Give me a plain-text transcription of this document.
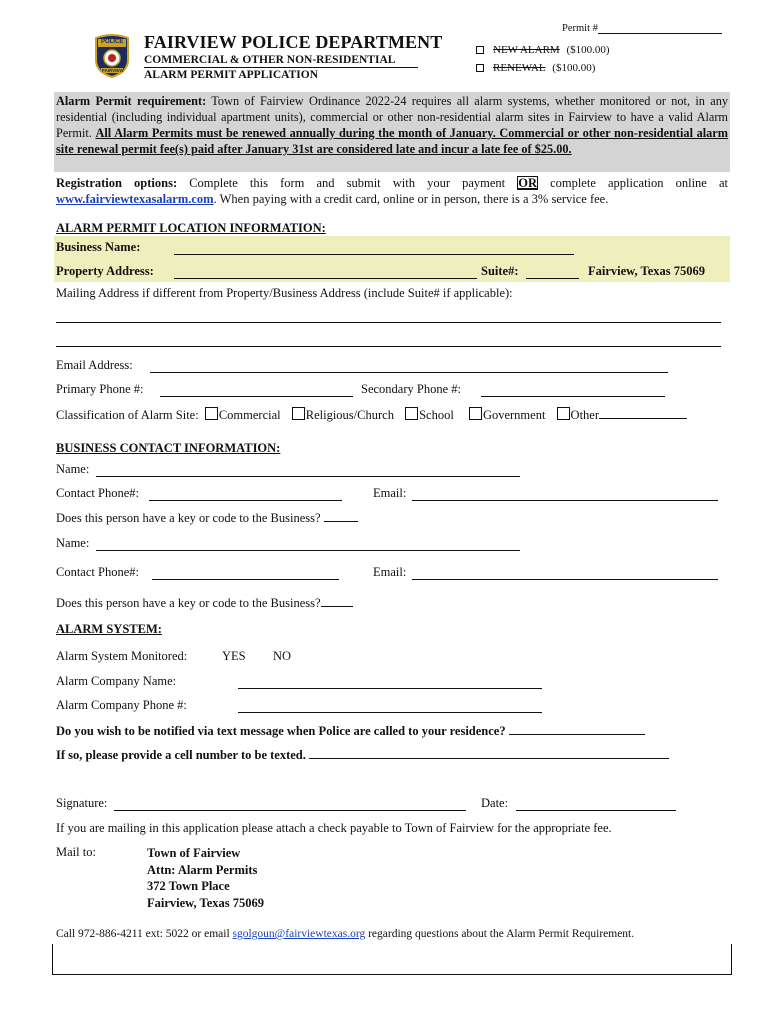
POLICE
FAIRVIEW
FAIRVIEW POLICE DEPARTMENT
COMMERCIAL & OTHER NON-RESIDENTIAL
ALARM PERMIT APPLICATION
Permit #
NEW ALARM ($100.00)
RENEWAL ($100.00)
Alarm Permit requirement: Town of Fairview Ordinance 2022-24 requires all alarm systems, whether monitored or not, in any residential (including individual apartment units), commercial or other non-residential alarm sites in Fairview to have a valid Alarm Permit. All Alarm Permits must be renewed annually during the month of January. Commercial or other non-residential alarm site renewal permit fee(s) paid after January 31st are considered late and incur a late fee of $25.00.
Registration options: Complete this form and submit with your payment OR complete application online at www.fairviewtexasalarm.com. When paying with a credit card, online or in person, there is a 3% service fee.
ALARM PERMIT LOCATION INFORMATION:
Business Name:
Property Address:	Suite#:	Fairview, Texas 75069
Mailing Address if different from Property/Business Address (include Suite# if applicable):
Email Address:
Primary Phone #:	Secondary Phone #:
Classification of Alarm Site: Commercial Religious/Church School Government Other
BUSINESS CONTACT INFORMATION:
Name:
Contact Phone#:	Email:
Does this person have a key or code to the Business?
Name:
Contact Phone#:	Email:
Does this person have a key or code to the Business?
ALARM SYSTEM:
Alarm System Monitored:	YES NO
Alarm Company Name:
Alarm Company Phone #:
Do you wish to be notified via text message when Police are called to your residence?
If so, please provide a cell number to be texted.
Signature:	Date:
If you are mailing in this application please attach a check payable to Town of Fairview for the appropriate fee.
Mail to:	Town of Fairview
Attn: Alarm Permits
372 Town Place
Fairview, Texas 75069
Call 972-886-4211 ext: 5022 or email sgolgoun@fairviewtexas.org regarding questions about the Alarm Permit Requirement.
